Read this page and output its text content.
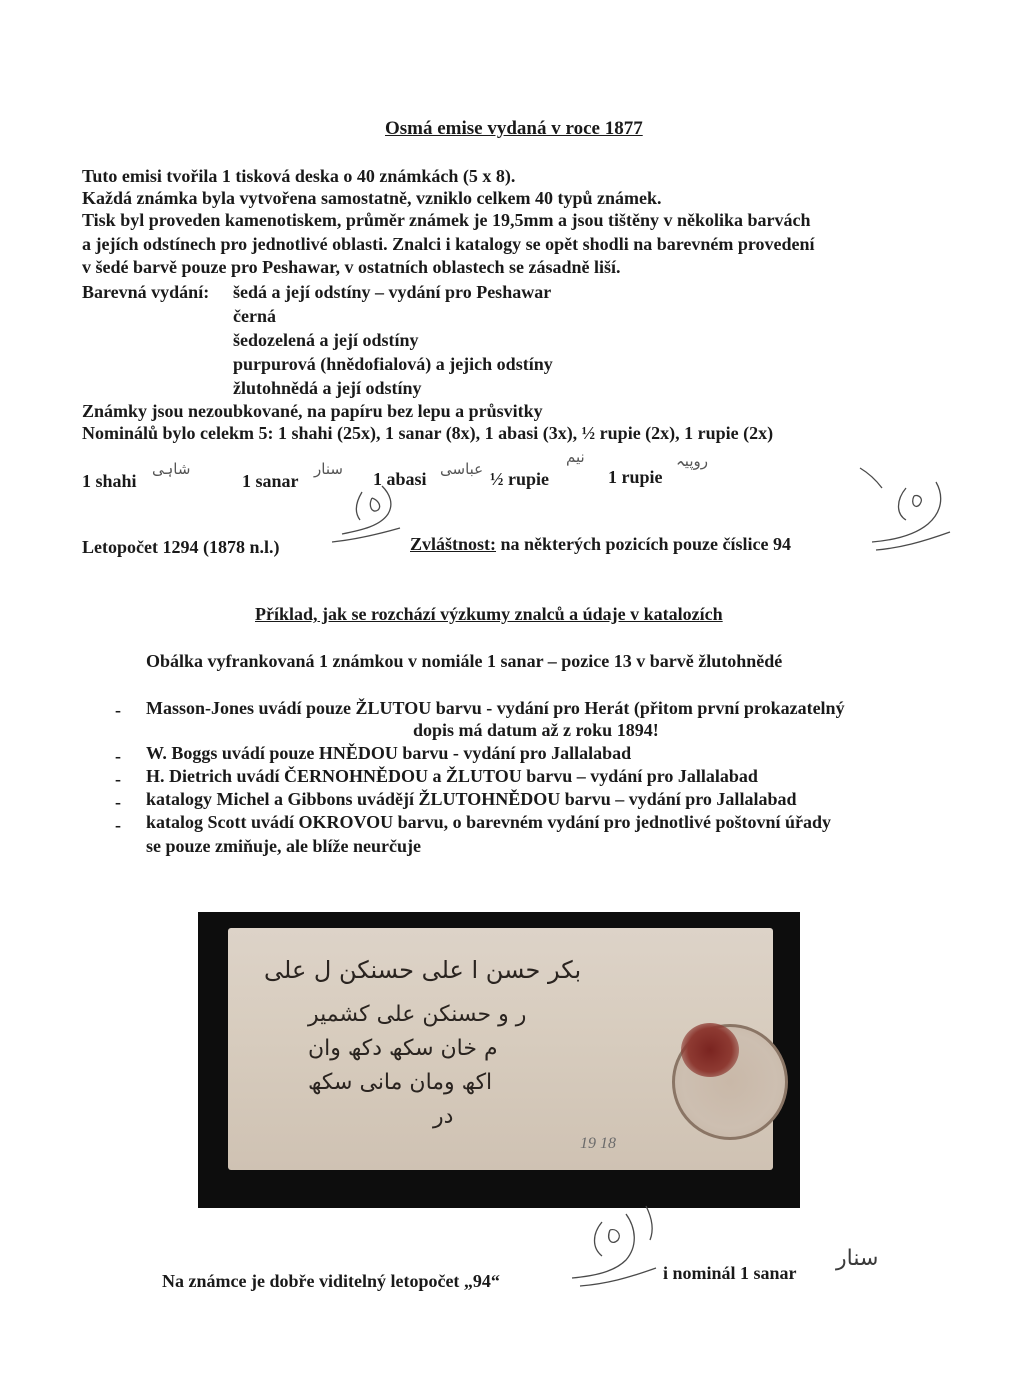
Osmá emise vydaná v roce 1877
Tuto emisi tvořila 1 tisková deska o 40 známkách (5 x 8).
Každá známka byla vytvořena samostatně, vzniklo celkem 40 typů známek.
Tisk byl proveden kamenotiskem, průměr známek je 19,5mm a jsou tištěny v několika barvách
a jejích odstínech pro jednotlivé oblasti. Znalci i katalogy se opět shodli na barevném provedení
v šedé barvě pouze pro Peshawar, v ostatních oblastech se zásadně liší.
Barevná vydání: šedá a její odstíny – vydání pro Peshawar
černá
šedozelená a její odstíny
purpurová (hnědofialová) a jejich odstíny
žlutohnědá a její odstíny
Známky jsou nezoubkované, na papíru bez lepu a průsvitky
Nominálů bylo celekm 5: 1 shahi (25x), 1 sanar (8x), 1 abasi (3x), ½ rupie (2x), 1 rupie (2x)
1 shahi
شاہی
1 sanar
سنار 1 abasi عباسی ½ rupie
نیم
1 rupie
روپیہ
Letopočet 1294 (1878 n.l.)	Zvláštnost: na některých pozicích pouze číslice 94
Příklad, jak se rozchází výzkumy znalců a údaje v katalozích
Obálka vyfrankovaná 1 známkou v nomiále 1 sanar – pozice 13 v barvě žlutohnědé
- Masson-Jones uvádí pouze ŽLUTOU barvu - vydání pro Herát (přitom první prokazatelný
dopis má datum až z roku 1894!
- W. Boggs uvádí pouze HNĚDOU barvu - vydání pro Jallalabad
- H. Dietrich uvádí ČERNOHNĚDOU a ŽLUTOU barvu – vydání pro Jallalabad
- katalogy Michel a Gibbons uvádějí ŽLUTOHNĚDOU barvu – vydání pro Jallalabad
- katalog Scott uvádí OKROVOU barvu, o barevném vydání pro jednotlivé poštovní úřady
se pouze zmiňuje, ale blíže neurčuje
ﺑﮑﺮ ﺣﺴﻦ ﺍ ﻋﻠﯽ ﺣﺴﻨﮑﻦ ﻝ ﻋﻠﯽ
ﺭ ﻭ ﺣﺴﻨﮑﻦ ﻋﻠﯽ ﮐﺸﻤﯿﺮ
ﻡ ﺧﺎﻥ ﺳﮑﮫ ﺩﮐﮫ ﻭﺍﻥ
ﺍﮐﮫ ﻭﻣﺎﻥ ﻣﺎﻧﯽ ﺳﮑﮫ
ﺩﺭ
19 18
Na známce je dobře viditelný letopočet „94“	i nominál 1 sanar
سنار
